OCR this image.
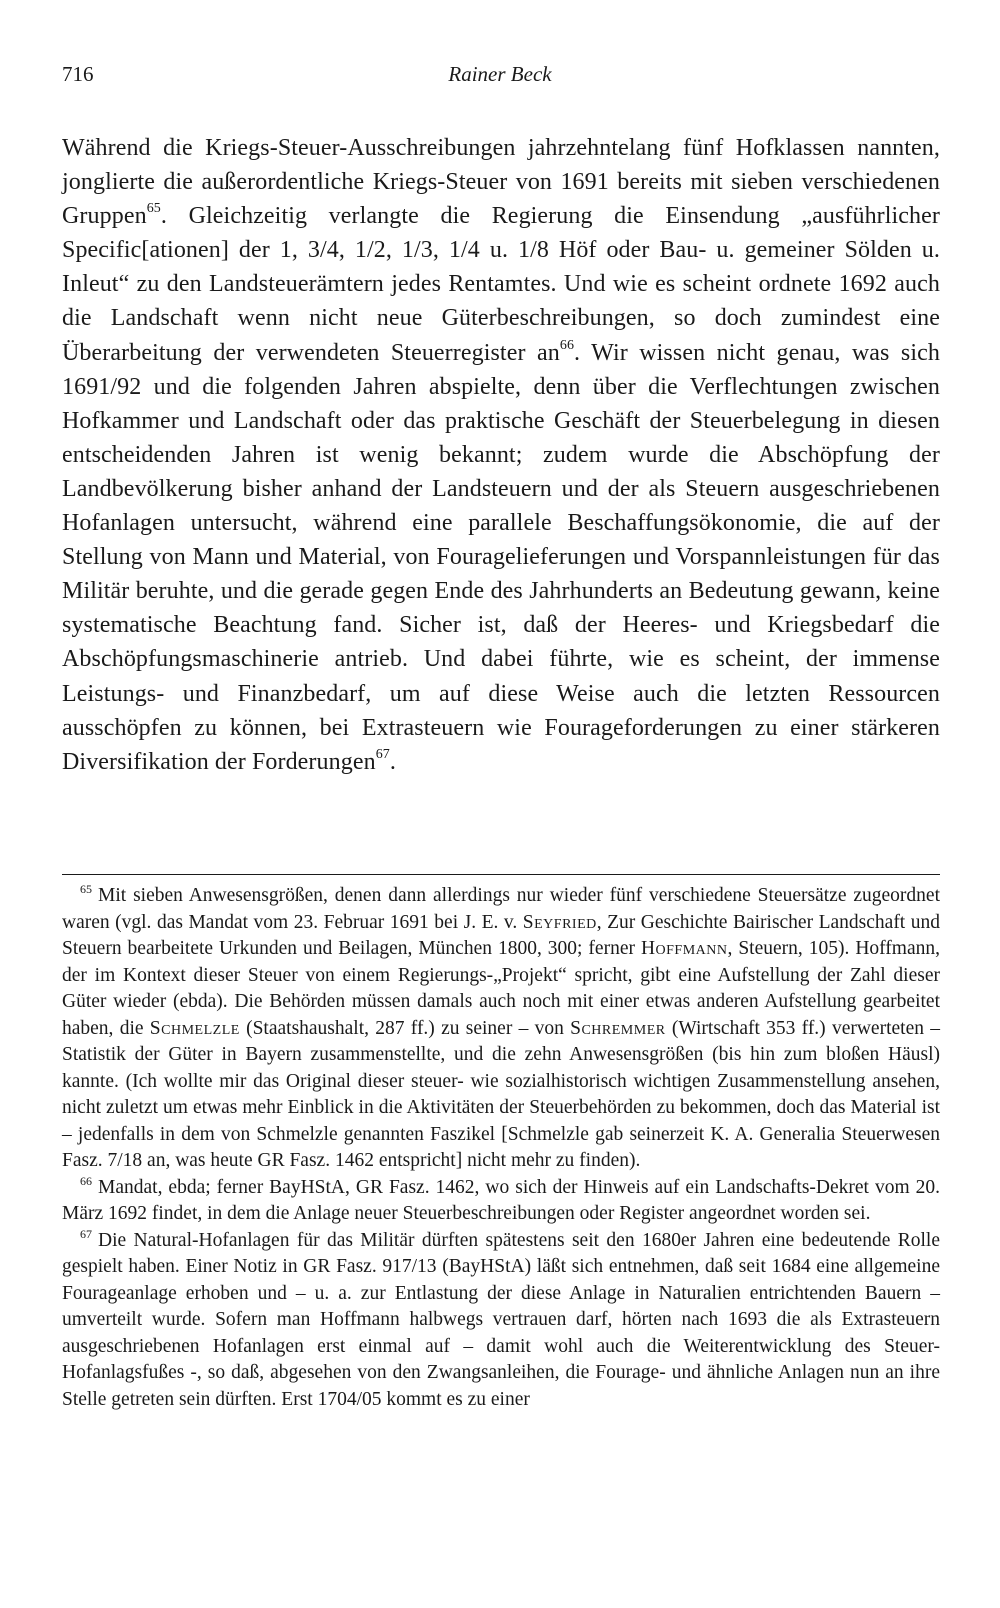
716	Rainer Beck

Während die Kriegs-Steuer-Ausschreibungen jahrzehntelang fünf Hofklassen nannten, jonglierte die außerordentliche Kriegs-Steuer von 1691 bereits mit sieben verschiedenen Gruppen$^{65}$. Gleichzeitig verlangte die Regierung die Einsendung „ausführlicher Specific[ationen] der 1, 3/4, 1/2, 1/3, 1/4 u. 1/8 Höf oder Bau- u. gemeiner Sölden u. Inleut“ zu den Landsteuerämtern jedes Rentamtes. Und wie es scheint ordnete 1692 auch die Landschaft wenn nicht neue Güterbeschreibungen, so doch zumindest eine Überarbeitung der verwendeten Steuerregister an$^{66}$. Wir wissen nicht genau, was sich 1691/92 und die folgenden Jahren abspielte, denn über die Verflechtungen zwischen Hofkammer und Landschaft oder das praktische Geschäft der Steuerbelegung in diesen entscheidenden Jahren ist wenig bekannt; zudem wurde die Abschöpfung der Landbevölkerung bisher anhand der Landsteuern und der als Steuern ausgeschriebenen Hofanlagen untersucht, während eine parallele Beschaffungsökonomie, die auf der Stellung von Mann und Material, von Fouragelieferungen und Vorspannleistungen für das Militär beruhte, und die gerade gegen Ende des Jahrhunderts an Bedeutung gewann, keine systematische Beachtung fand. Sicher ist, daß der Heeres- und Kriegsbedarf die Abschöpfungsmaschinerie antrieb. Und dabei führte, wie es scheint, der immense Leistungs- und Finanzbedarf, um auf diese Weise auch die letzten Ressourcen ausschöpfen zu können, bei Extrasteuern wie Fourageforderungen zu einer stärkeren Diversifikation der Forderungen$^{67}$.

$^{65}$ Mit sieben Anwesensgrößen, denen dann allerdings nur wieder fünf verschiedene Steuersätze zugeordnet waren (vgl. das Mandat vom 23. Februar 1691 bei J. E. v. Seyfried, Zur Geschichte Bairischer Landschaft und Steuern bearbeitete Urkunden und Beilagen, München 1800, 300; ferner Hoffmann, Steuern, 105). Hoffmann, der im Kontext dieser Steuer von einem Regierungs-„Projekt“ spricht, gibt eine Aufstellung der Zahl dieser Güter wieder (ebda). Die Behörden müssen damals auch noch mit einer etwas anderen Aufstellung gearbeitet haben, die Schmelzle (Staatshaushalt, 287 ff.) zu seiner – von Schremmer (Wirtschaft 353 ff.) verwerteten – Statistik der Güter in Bayern zusammenstellte, und die zehn Anwesensgrößen (bis hin zum bloßen Häusl) kannte. (Ich wollte mir das Original dieser steuer- wie sozialhistorisch wichtigen Zusammenstellung ansehen, nicht zuletzt um etwas mehr Einblick in die Aktivitäten der Steuerbehörden zu bekommen, doch das Material ist – jedenfalls in dem von Schmelzle genannten Faszikel [Schmelzle gab seinerzeit K. A. Generalia Steuerwesen Fasz. 7/18 an, was heute GR Fasz. 1462 entspricht] nicht mehr zu finden).

$^{66}$ Mandat, ebda; ferner BayHStA, GR Fasz. 1462, wo sich der Hinweis auf ein Landschafts-Dekret vom 20. März 1692 findet, in dem die Anlage neuer Steuerbeschreibungen oder Register angeordnet worden sei.

$^{67}$ Die Natural-Hofanlagen für das Militär dürften spätestens seit den 1680er Jahren eine bedeutende Rolle gespielt haben. Einer Notiz in GR Fasz. 917/13 (BayHStA) läßt sich entnehmen, daß seit 1684 eine allgemeine Fourageanlage erhoben und – u. a. zur Entlastung der diese Anlage in Naturalien entrichtenden Bauern – umverteilt wurde. Sofern man Hoffmann halbwegs vertrauen darf, hörten nach 1693 die als Extrasteuern ausgeschriebenen Hofanlagen erst einmal auf – damit wohl auch die Weiterentwicklung des Steuer-Hofanlagsfußes -, so daß, abgesehen von den Zwangsanleihen, die Fourage- und ähnliche Anlagen nun an ihre Stelle getreten sein dürften. Erst 1704/05 kommt es zu einer
